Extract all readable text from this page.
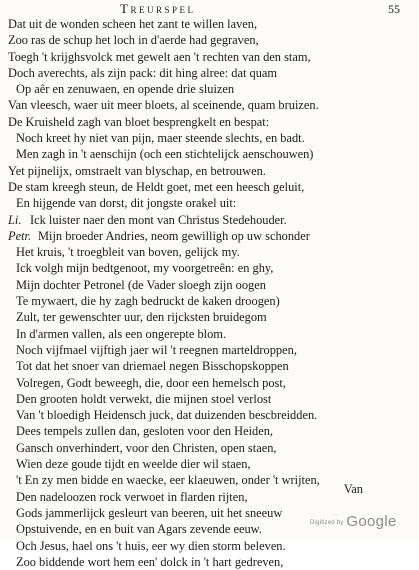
Treurspel	55
Dat uit de wonden scheen het zant te willen laven,
Zoo ras de schup het loch in d'aerde had gegraven,
Toegh 't krijghsvolck met gewelt aen 't rechten van den stam,
Doch averechts, als zijn pack: dit hing alree: dat quam
Op aêr en zenuwaen, en opende drie sluizen
Van vleesch, waer uit meer bloets, al sceinende, quam bruizen.
De Kruisheld zagh van bloet besprengkelt en bespat:
Noch kreet hy niet van pijn, maer steende slechts, en badt.
Men zagh in 't aenschijn (och een stichtelijck aenschouwen)
Yet pijnelijx, omstraelt van blyschap, en betrouwen.
De stam kreegh steun, de Heldt goet, met een heesch geluit,
En hijgende van dorst, dit jongste orakel uit:
Li. Ick luister naer den mont van Christus Stedehouder.
Petr. Mijn broeder Andries, neom gewilligh op uw schonder
Het kruis, 't troegbleit van boven, gelijck my.
Ick volgh mijn bedtgenoot, my voorgetreên: en ghy,
Mijn dochter Petronel (de Vader sloegh zijn oogen
Te mywaert, die hy zagh bedruckt de kaken droogen)
Zult, ter gewenschter uur, den rijcksten bruidegom
In d'armen vallen, als een ongerepte blom.
Noch vijfmael vijftigh jaer wil 't reegnen marteldroppen,
Tot dat het snoer van driemael negen Bisschopskoppen
Volregen, Godt beweegh, die, door een hemelsch post,
Den grooten holdt verwekt, die mijnen stoel verlost
Van 't bloedigh Heidensch juck, dat duizenden bescbreidden.
Dees tempels zullen dan, gesloten voor den Heiden,
Gansch onverhindert, voor den Christen, open staen,
Wien deze goude tijdt en weelde dier wil staen,
't En zy men bidde en waecke, eer klaeuwen, onder 't wrijten,
Den nadeloozen rock verwoet in flarden rijten,
Gods jammerlijck gesleurt van beeren, uit het sneeuw
Opstuivende, en en buit van Agars zevende eeuw.
Och Jesus, hael ons 't huis, eer wy dien storm beleven.
Zoo biddende wort hem een' dolck in 't hart gedreven,
Van
Digitized by Google
